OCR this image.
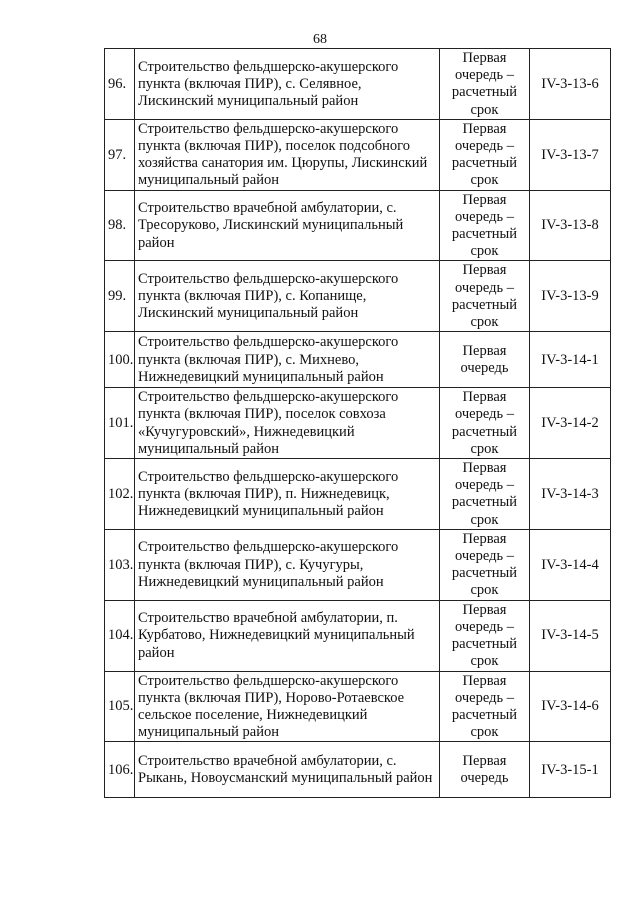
68
96.	Строительство фельдшерско-акушерского пункта (включая ПИР), с. Селявное, Лискинский муниципальный район	Первая очередь – расчетный срок	IV-3-13-6
97.	Строительство фельдшерско-акушерского пункта (включая ПИР), поселок подсобного хозяйства санатория им. Цюрупы, Лискинский муниципальный район	Первая очередь – расчетный срок	IV-3-13-7
98.	Строительство врачебной амбулатории, с. Тресоруково, Лискинский муниципальный район	Первая очередь – расчетный срок	IV-3-13-8
99.	Строительство фельдшерско-акушерского пункта (включая ПИР), с. Копанище, Лискинский муниципальный район	Первая очередь – расчетный срок	IV-3-13-9
100.	Строительство фельдшерско-акушерского пункта (включая ПИР), с. Михнево, Нижнедевицкий муниципальный район	Первая очередь	IV-3-14-1
101.	Строительство фельдшерско-акушерского пункта (включая ПИР), поселок совхоза «Кучугуровский», Нижнедевицкий муниципальный район	Первая очередь – расчетный срок	IV-3-14-2
102.	Строительство фельдшерско-акушерского пункта (включая ПИР), п. Нижнедевицк, Нижнедевицкий муниципальный район	Первая очередь – расчетный срок	IV-3-14-3
103.	Строительство фельдшерско-акушерского пункта (включая ПИР), с. Кучугуры, Нижнедевицкий муниципальный район	Первая очередь – расчетный срок	IV-3-14-4
104.	Строительство врачебной амбулатории, п. Курбатово, Нижнедевицкий муниципальный район	Первая очередь – расчетный срок	IV-3-14-5
105.	Строительство фельдшерско-акушерского пункта (включая ПИР), Норово-Ротаевское сельское поселение, Нижнедевицкий муниципальный район	Первая очередь – расчетный срок	IV-3-14-6
106.	Строительство врачебной амбулатории, с. Рыкань, Новоусманский муниципальный район	Первая очередь	IV-3-15-1
